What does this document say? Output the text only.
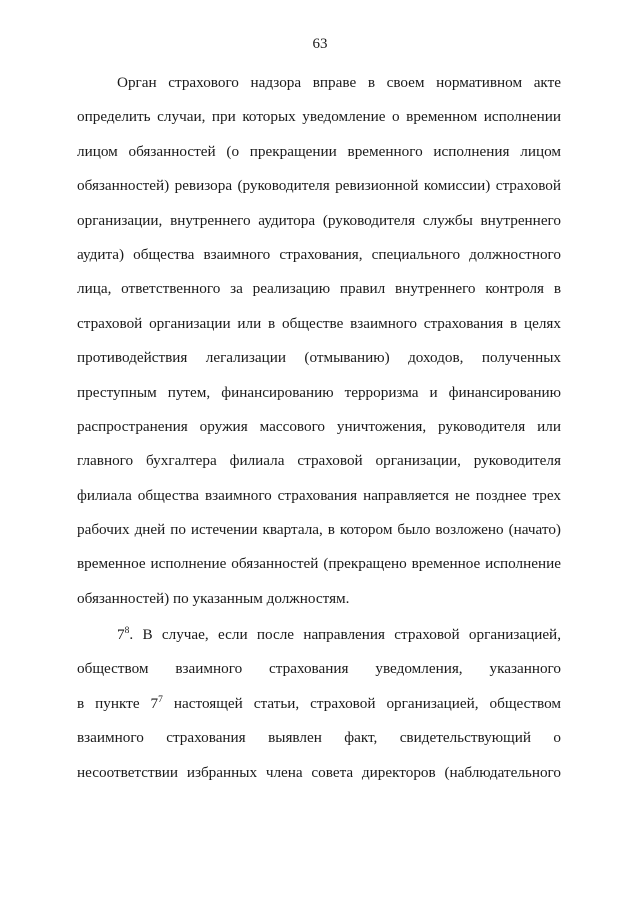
63
Орган страхового надзора вправе в своем нормативном акте
определить случаи, при которых уведомление о временном исполнении
лицом обязанностей (о прекращении временного исполнения лицом
обязанностей) ревизора (руководителя ревизионной комиссии) страховой
организации, внутреннего аудитора (руководителя службы внутреннего
аудита) общества взаимного страхования, специального должностного
лица, ответственного за реализацию правил внутреннего контроля в
страховой организации или в обществе взаимного страхования в целях
противодействия легализации (отмыванию) доходов, полученных
преступным путем, финансированию терроризма и финансированию
распространения оружия массового уничтожения, руководителя или
главного бухгалтера филиала страховой организации, руководителя
филиала общества взаимного страхования направляется не позднее трех
рабочих дней по истечении квартала, в котором было возложено (начато)
временное исполнение обязанностей (прекращено временное исполнение
обязанностей) по указанным должностям.
$7^8$. В случае, если после направления страховой организацией,
обществом взаимного страхования уведомления, указанного
в пункте $7^7$ настоящей статьи, страховой организацией, обществом
взаимного страхования выявлен факт, свидетельствующий о
несоответствии избранных члена совета директоров (наблюдательного
